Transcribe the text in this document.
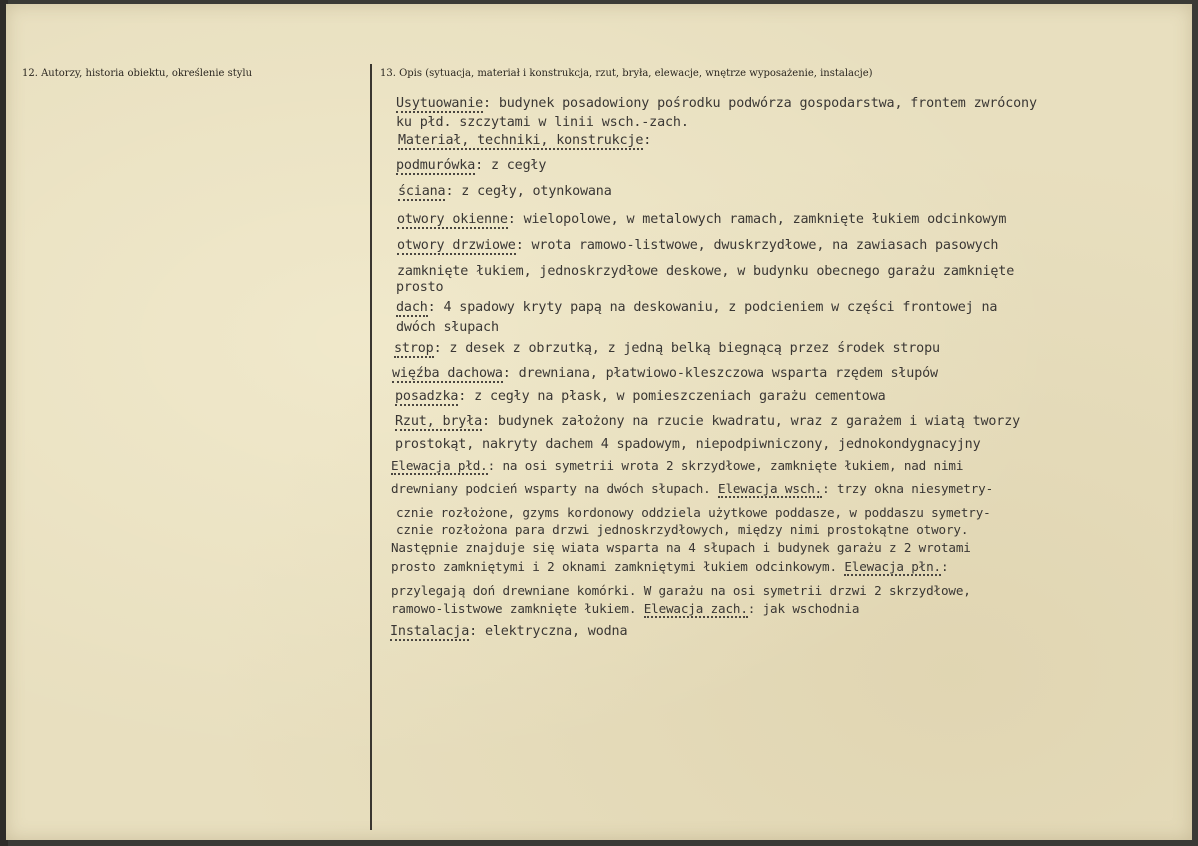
12. Autorzy, historia obiektu, określenie stylu	13. Opis (sytuacja, materiał i konstrukcja, rzut, bryła, elewacje, wnętrze wyposażenie, instalacje)
Usytuowanie: budynek posadowiony pośrodku podwórza gospodarstwa, frontem zwrócony
ku płd. szczytami w linii wsch.-zach.
Materiał, techniki, konstrukcje:
podmurówka: z cegły
ściana: z cegły, otynkowana
otwory okienne: wielopolowe, w metalowych ramach, zamknięte łukiem odcinkowym
otwory drzwiowe: wrota ramowo-listwowe, dwuskrzydłowe, na zawiasach pasowych
zamknięte łukiem, jednoskrzydłowe deskowe, w budynku obecnego garażu zamknięte
prosto
dach: 4 spadowy kryty papą na deskowaniu, z podcieniem w części frontowej na
dwóch słupach
strop: z desek z obrzutką, z jedną belką biegnącą przez środek stropu
więźba dachowa: drewniana, płatwiowo-kleszczowa wsparta rzędem słupów
posadzka: z cegły na płask, w pomieszczeniach garażu cementowa
Rzut, bryła: budynek założony na rzucie kwadratu, wraz z garażem i wiatą tworzy
prostokąt, nakryty dachem 4 spadowym, niepodpiwniczony, jednokondygnacyjny
Elewacja płd.: na osi symetrii wrota 2 skrzydłowe, zamknięte łukiem, nad nimi
drewniany podcień wsparty na dwóch słupach. Elewacja wsch.: trzy okna niesymetry-
cznie rozłożone, gzyms kordonowy oddziela użytkowe poddasze, w poddaszu symetry-
cznie rozłożona para drzwi jednoskrzydłowych, między nimi prostokątne otwory.
Następnie znajduje się wiata wsparta na 4 słupach i budynek garażu z 2 wrotami
prosto zamkniętymi i 2 oknami zamkniętymi łukiem odcinkowym. Elewacja płn.:
przylegają doń drewniane komórki. W garażu na osi symetrii drzwi 2 skrzydłowe,
ramowo-listwowe zamknięte łukiem. Elewacja zach.: jak wschodnia
Instalacja: elektryczna, wodna
